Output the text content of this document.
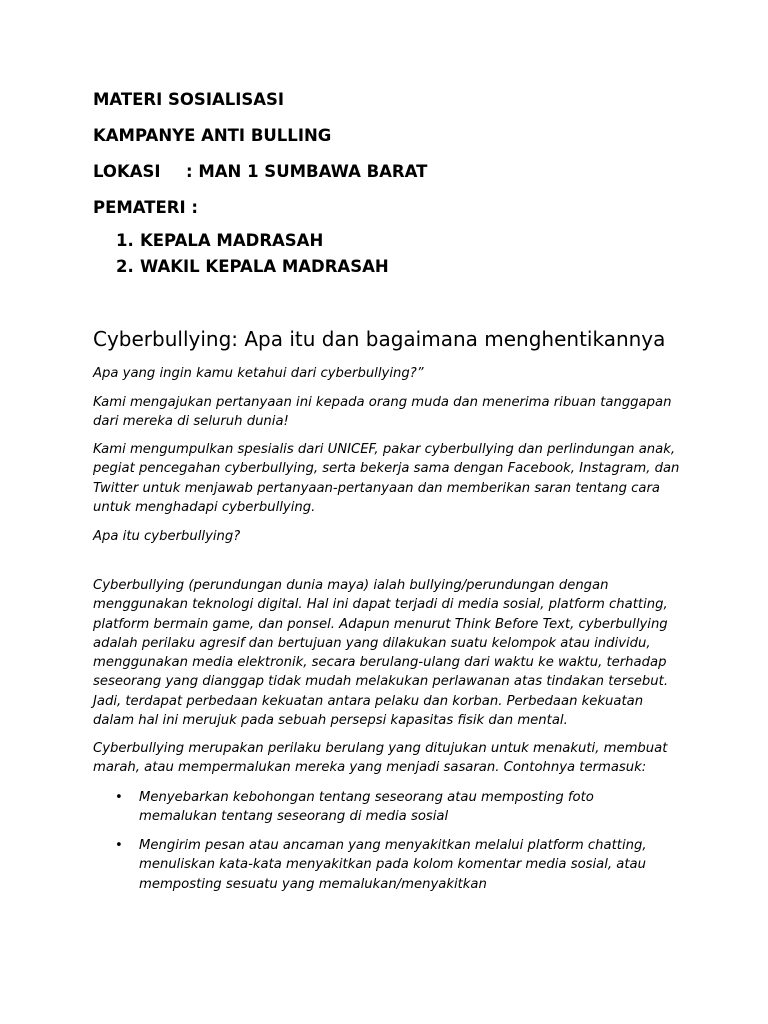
MATERI SOSIALISASI
KAMPANYE ANTI BULLING
LOKASI : MAN 1 SUMBAWA BARAT
PEMATERI :
1. KEPALA MADRASAH
2. WAKIL KEPALA MADRASAH
Cyberbullying: Apa itu dan bagaimana menghentikannya
Apa yang ingin kamu ketahui dari cyberbullying?”
Kami mengajukan pertanyaan ini kepada orang muda dan menerima ribuan tanggapan dari mereka di seluruh dunia!
Kami mengumpulkan spesialis dari UNICEF, pakar cyberbullying dan perlindungan anak, pegiat pencegahan cyberbullying, serta bekerja sama dengan Facebook, Instagram, dan Twitter untuk menjawab pertanyaan-pertanyaan dan memberikan saran tentang cara untuk menghadapi cyberbullying.
Apa itu cyberbullying?
Cyberbullying (perundungan dunia maya) ialah bullying/perundungan dengan menggunakan teknologi digital. Hal ini dapat terjadi di media sosial, platform chatting, platform bermain game, dan ponsel. Adapun menurut Think Before Text, cyberbullying adalah perilaku agresif dan bertujuan yang dilakukan suatu kelompok atau individu, menggunakan media elektronik, secara berulang-ulang dari waktu ke waktu, terhadap seseorang yang dianggap tidak mudah melakukan perlawanan atas tindakan tersebut. Jadi, terdapat perbedaan kekuatan antara pelaku dan korban. Perbedaan kekuatan dalam hal ini merujuk pada sebuah persepsi kapasitas fisik dan mental.
Cyberbullying merupakan perilaku berulang yang ditujukan untuk menakuti, membuat marah, atau mempermalukan mereka yang menjadi sasaran. Contohnya termasuk:
• Menyebarkan kebohongan tentang seseorang atau memposting foto memalukan tentang seseorang di media sosial
• Mengirim pesan atau ancaman yang menyakitkan melalui platform chatting, menuliskan kata-kata menyakitkan pada kolom komentar media sosial, atau memposting sesuatu yang memalukan/menyakitkan
